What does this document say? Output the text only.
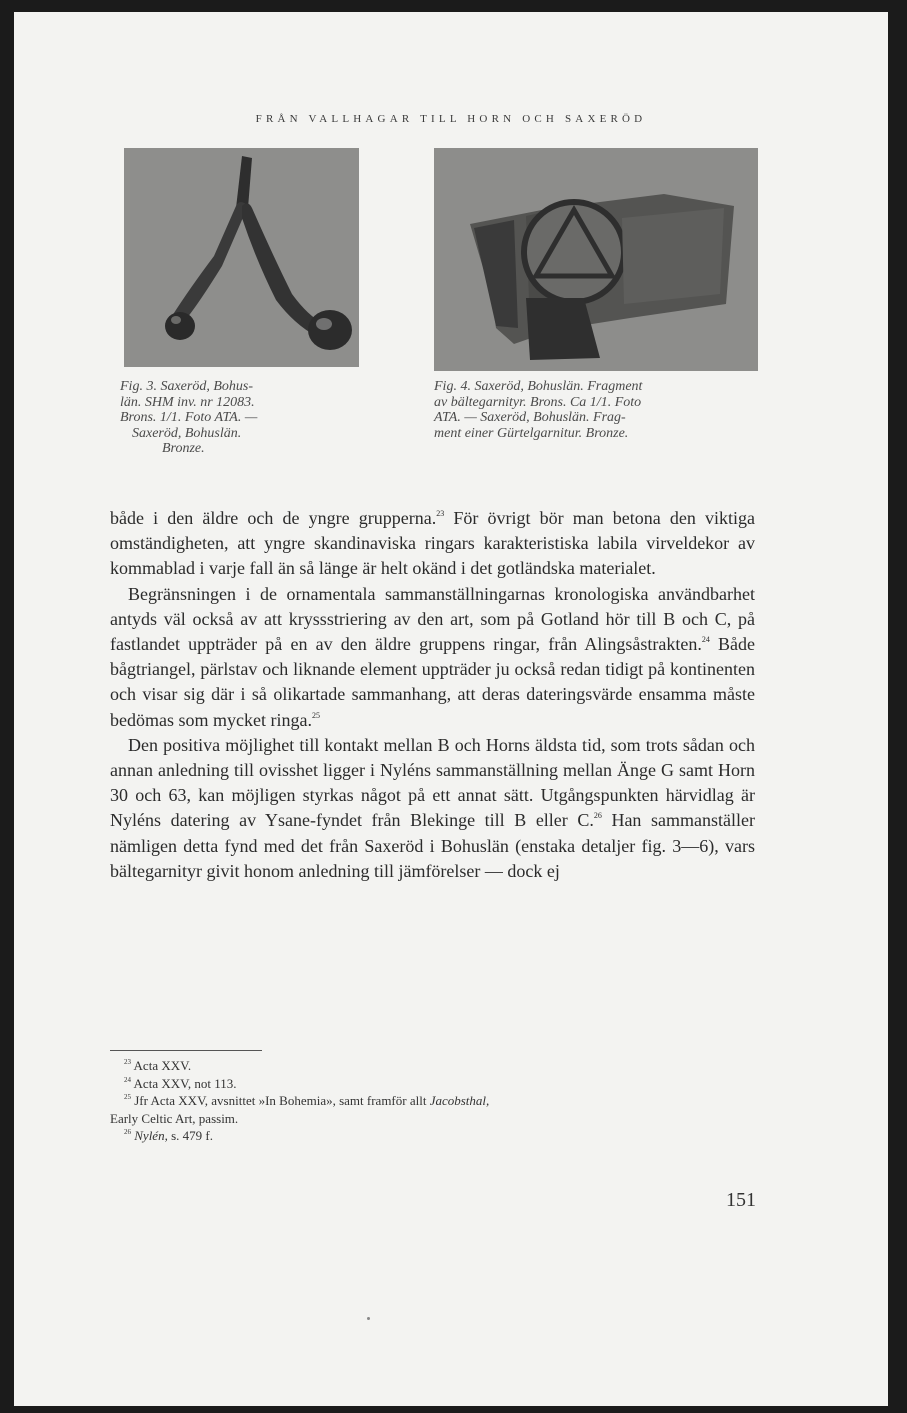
FRÅN VALLHAGAR TILL HORN OCH SAXERÖD
Fig. 3. Saxeröd, Bohus-
län. SHM inv. nr 12083.
Brons. 1/1. Foto ATA. —
Saxeröd, Bohuslän.
Bronze.
Fig. 4. Saxeröd, Bohuslän. Fragment
av bältegarnityr. Brons. Ca 1/1. Foto
ATA. — Saxeröd, Bohuslän. Frag-
ment einer Gürtelgarnitur. Bronze.

både i den äldre och de yngre grupperna.$^{23}$ För övrigt bör man betona den viktiga omständigheten, att yngre skandinaviska ringars karakteristiska labila virveldekor av kommablad i varje fall än så länge är helt okänd i det gotländska materialet.

Begränsningen i de ornamentala sammanställningarnas kronologiska användbarhet antyds väl också av att kryssstriering av den art, som på Gotland hör till B och C, på fastlandet uppträder på en av den äldre gruppens ringar, från Alingsåstrakten.$^{24}$ Både bågtriangel, pärlstav och liknande element uppträder ju också redan tidigt på kontinenten och visar sig där i så olikartade sammanhang, att deras dateringsvärde ensamma måste bedömas som mycket ringa.$^{25}$

Den positiva möjlighet till kontakt mellan B och Horns äldsta tid, som trots sådan och annan anledning till ovisshet ligger i Nyléns sammanställning mellan Änge G samt Horn 30 och 63, kan möjligen styrkas något på ett annat sätt. Utgångspunkten härvidlag är Nyléns datering av Ysane-fyndet från Blekinge till B eller C.$^{26}$ Han sammanställer nämligen detta fynd med det från Saxeröd i Bohuslän (enstaka detaljer fig. 3—6), vars bältegarnityr givit honom anledning till jämförelser — dock ej

$^{23}$ Acta XXV.
$^{24}$ Acta XXV, not 113.
$^{25}$ Jfr Acta XXV, avsnittet »In Bohemia», samt framför allt Jacobsthal,
Early Celtic Art, passim.
$^{26}$ Nylén, s. 479 f.
151
